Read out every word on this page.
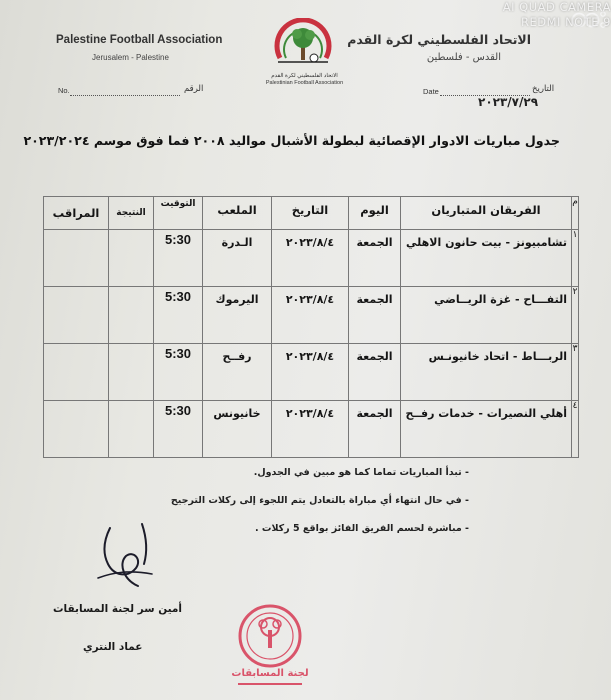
AI QUAD CAMERA
REDMI NOTE 9
Palestine Football Association
Jerusalem - Palestine
الاتحاد الفلسطيني لكرة القدم
القدس - فلسطين
الاتحاد الفلسطيني لكرة القدم
Palestinian Football Association
No.	الرقم	Date	التاريخ
٢٠٢٣/٧/٢٩
جدول مباريات الادوار الإقصائية لبطولة الأشبال مواليد ٢٠٠٨ فما فوق موسم ٢٠٢٣/٢٠٢٤
م	الفريقان المتباريان	اليوم	التاريخ	الملعب	التوقيت	النتيجة	المراقب
١	تشامبيونز - بيت حانون الاهلي	الجمعة	٢٠٢٣/٨/٤	الـدرة	5:30		
٢	التفـــاح - غزة الريــاضي	الجمعة	٢٠٢٣/٨/٤	اليرموك	5:30		
٣	الربـــاط - اتحاد خانيونـس	الجمعة	٢٠٢٣/٨/٤	رفــح	5:30		
٤	أهلي النصيرات - خدمات رفــح	الجمعة	٢٠٢٣/٨/٤	خانيونس	5:30		
- تبدأ المباريات تماما كما هو مبين في الجدول.
- في حال انتهاء أي مباراة بالتعادل يتم اللجوء إلى ركلات الترجيح
- مباشرة لحسم الفريق الفائز بواقع 5 ركلات .
أمين سر لجنة المسابقات
عماد النتري
لجنة المسابقات
